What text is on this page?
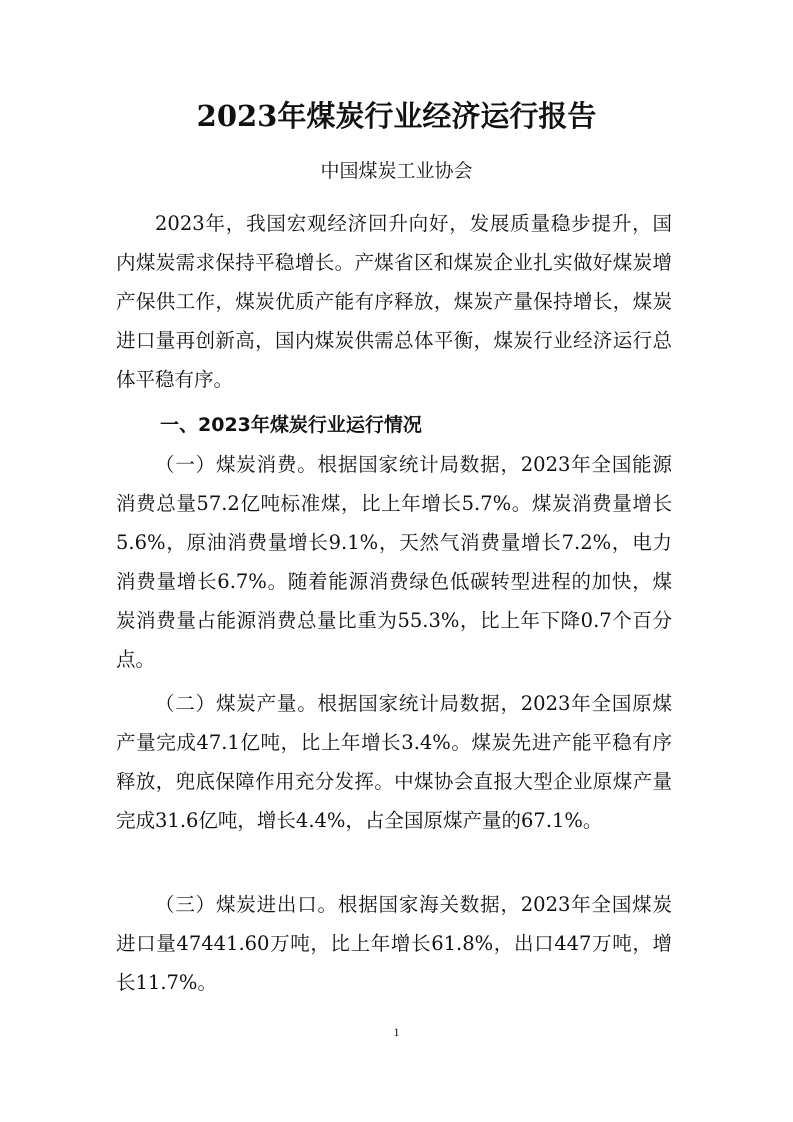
2023年煤炭行业经济运行报告
中国煤炭工业协会

2023年，我国宏观经济回升向好，发展质量稳步提升，国内煤炭需求保持平稳增长。产煤省区和煤炭企业扎实做好煤炭增产保供工作，煤炭优质产能有序释放，煤炭产量保持增长，煤炭进口量再创新高，国内煤炭供需总体平衡，煤炭行业经济运行总体平稳有序。

一、2023年煤炭行业运行情况

（一）煤炭消费。根据国家统计局数据，2023年全国能源消费总量57.2亿吨标准煤，比上年增长5.7%。煤炭消费量增长5.6%，原油消费量增长9.1%，天然气消费量增长7.2%，电力消费量增长6.7%。随着能源消费绿色低碳转型进程的加快，煤炭消费量占能源消费总量比重为55.3%，比上年下降0.7个百分点。

（二）煤炭产量。根据国家统计局数据，2023年全国原煤产量完成47.1亿吨，比上年增长3.4%。煤炭先进产能平稳有序释放，兜底保障作用充分发挥。中煤协会直报大型企业原煤产量完成31.6亿吨，增长4.4%，占全国原煤产量的67.1%。

（三）煤炭进出口。根据国家海关数据，2023年全国煤炭进口量47441.60万吨，比上年增长61.8%，出口447万吨，增长11.7%。

1
